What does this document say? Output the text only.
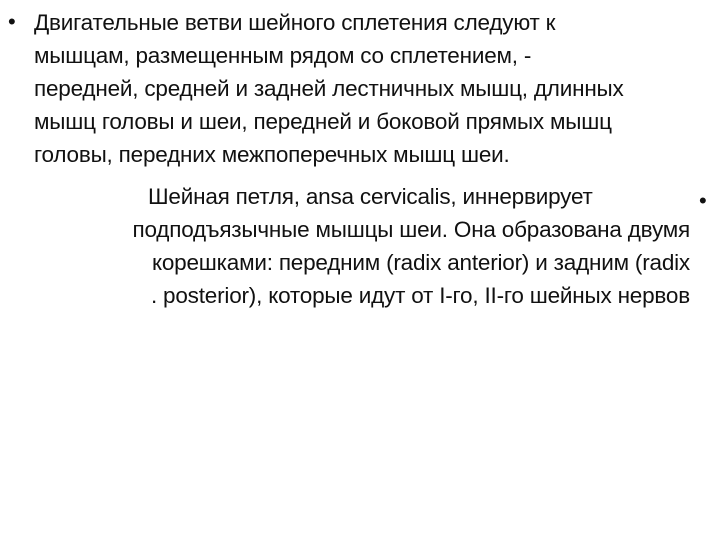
• Двигательные ветви шейного сплетения следуют к
мышцам, размещенным рядом со сплетением, -
передней, средней и задней лестничных мышц, длинных
мышц головы и шеи, передней и боковой прямых мышц
головы, передних межпоперечных мышц шеи.
•
Шейная петля, ansa cervicalis, иннервирует
подподъязычные мышцы шеи. Она образована двумя
корешками: передним (radix anterior) и задним (radix
. posterior), которые идут от I-го, II-го шейных нервов
